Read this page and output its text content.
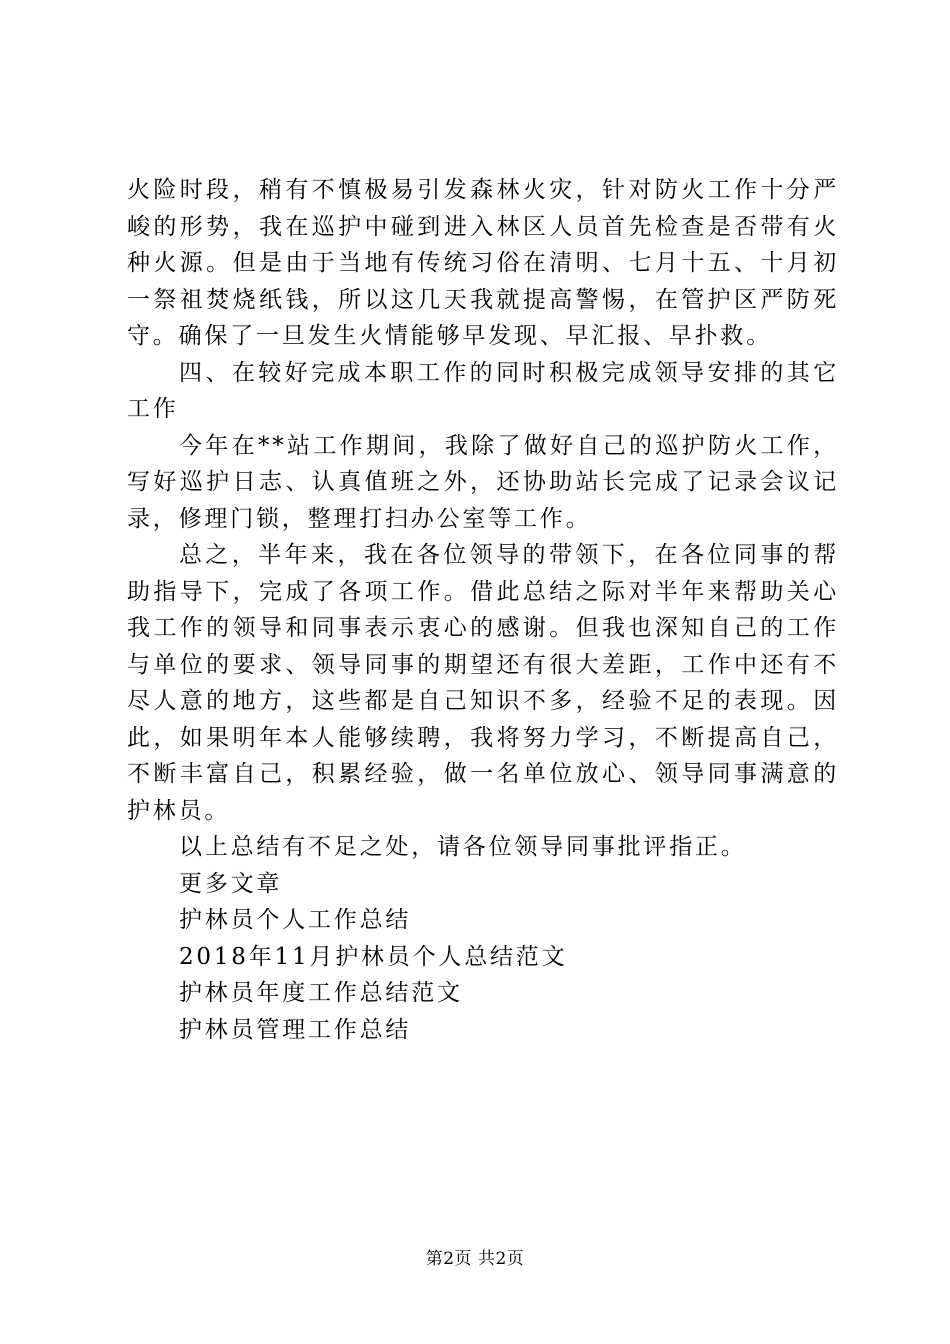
火险时段，稍有不慎极易引发森林火灾，针对防火工作十分严峻的形势，我在巡护中碰到进入林区人员首先检查是否带有火种火源。但是由于当地有传统习俗在清明、七月十五、十月初一祭祖焚烧纸钱，所以这几天我就提高警惕，在管护区严防死守。确保了一旦发生火情能够早发现、早汇报、早扑救。

四、在较好完成本职工作的同时积极完成领导安排的其它工作

今年在**站工作期间，我除了做好自己的巡护防火工作，写好巡护日志、认真值班之外，还协助站长完成了记录会议记录，修理门锁，整理打扫办公室等工作。

总之，半年来，我在各位领导的带领下，在各位同事的帮助指导下，完成了各项工作。借此总结之际对半年来帮助关心我工作的领导和同事表示衷心的感谢。但我也深知自己的工作与单位的要求、领导同事的期望还有很大差距，工作中还有不尽人意的地方，这些都是自己知识不多，经验不足的表现。因此，如果明年本人能够续聘，我将努力学习，不断提高自己，不断丰富自己，积累经验，做一名单位放心、领导同事满意的护林员。

以上总结有不足之处，请各位领导同事批评指正。

更多文章

护林员个人工作总结

2018年11月护林员个人总结范文

护林员年度工作总结范文

护林员管理工作总结

第2页 共2页
